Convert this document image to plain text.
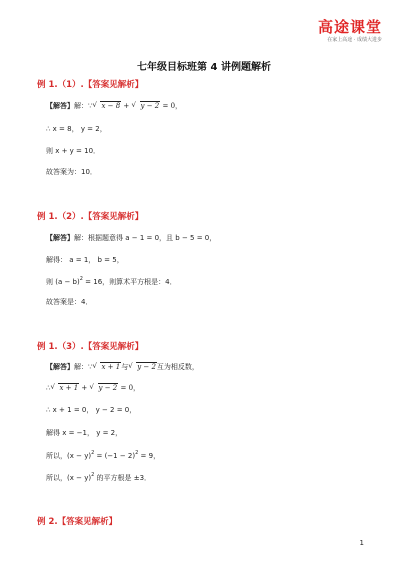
高途课堂
在家上高途 · 成绩大进步
七年级目标班第 4 讲例题解析
例 1.（1）.【答案见解析】
【解答】解：∵ √ x − 8 + √ y − 2 = 0，
∴ x = 8， y = 2，
则 x + y = 10．
故答案为：10．
例 1.（2）.【答案见解析】
【解答】解：根据题意得 a − 1 = 0，且 b − 5 = 0，
解得： a = 1， b = 5，
则 $(a - b)^2 = 16$，则算术平方根是：4．
故答案是：4．
例 1.（3）.【答案见解析】
【解答】解：∵ √ x + 1与 √ y − 2互为相反数，
∴ √ x + 1 + √ y − 2 = 0，
∴ x + 1 = 0， y − 2 = 0，
解得 x = −1， y = 2，
所以，$(x - y)^2 = (-1 - 2)^2 = 9$，
所以，$(x - y)^2$ 的平方根是 ±3．
例 2.【答案见解析】
1
